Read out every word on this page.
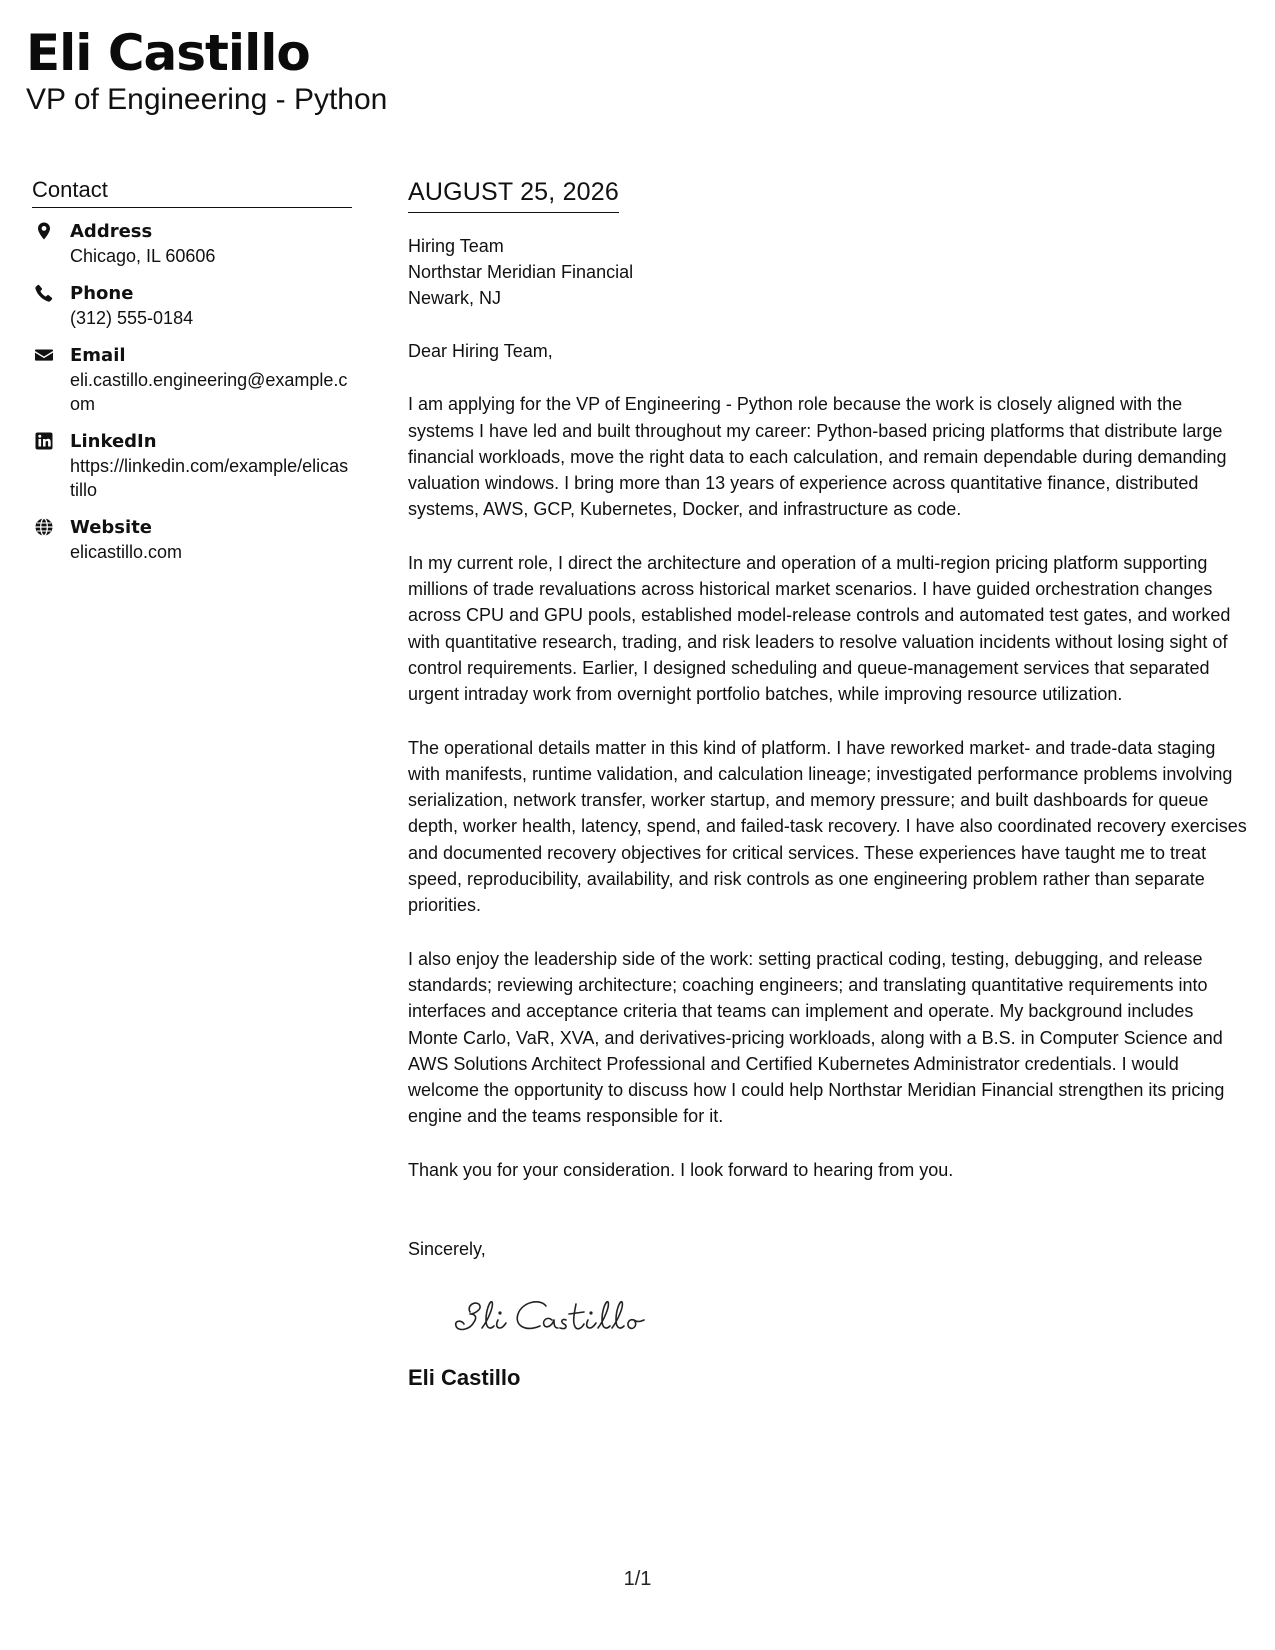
Eli Castillo
VP of Engineering - Python
Contact
Address
Chicago, IL 60606
Phone
(312) 555-0184
Email
eli.castillo.engineering@example.com
LinkedIn
https://linkedin.com/example/elicastillo
Website
elicastillo.com
AUGUST 25, 2026
Hiring Team
Northstar Meridian Financial
Newark, NJ
Dear Hiring Team,
I am applying for the VP of Engineering - Python role because the work is closely aligned with the systems I have led and built throughout my career: Python-based pricing platforms that distribute large financial workloads, move the right data to each calculation, and remain dependable during demanding valuation windows. I bring more than 13 years of experience across quantitative finance, distributed systems, AWS, GCP, Kubernetes, Docker, and infrastructure as code.
In my current role, I direct the architecture and operation of a multi-region pricing platform supporting millions of trade revaluations across historical market scenarios. I have guided orchestration changes across CPU and GPU pools, established model-release controls and automated test gates, and worked with quantitative research, trading, and risk leaders to resolve valuation incidents without losing sight of control requirements. Earlier, I designed scheduling and queue-management services that separated urgent intraday work from overnight portfolio batches, while improving resource utilization.
The operational details matter in this kind of platform. I have reworked market- and trade-data staging with manifests, runtime validation, and calculation lineage; investigated performance problems involving serialization, network transfer, worker startup, and memory pressure; and built dashboards for queue depth, worker health, latency, spend, and failed-task recovery. I have also coordinated recovery exercises and documented recovery objectives for critical services. These experiences have taught me to treat speed, reproducibility, availability, and risk controls as one engineering problem rather than separate priorities.
I also enjoy the leadership side of the work: setting practical coding, testing, debugging, and release standards; reviewing architecture; coaching engineers; and translating quantitative requirements into interfaces and acceptance criteria that teams can implement and operate. My background includes Monte Carlo, VaR, XVA, and derivatives-pricing workloads, along with a B.S. in Computer Science and AWS Solutions Architect Professional and Certified Kubernetes Administrator credentials. I would welcome the opportunity to discuss how I could help Northstar Meridian Financial strengthen its pricing engine and the teams responsible for it.
Thank you for your consideration. I look forward to hearing from you.
Sincerely,
Eli Castillo
1/1
